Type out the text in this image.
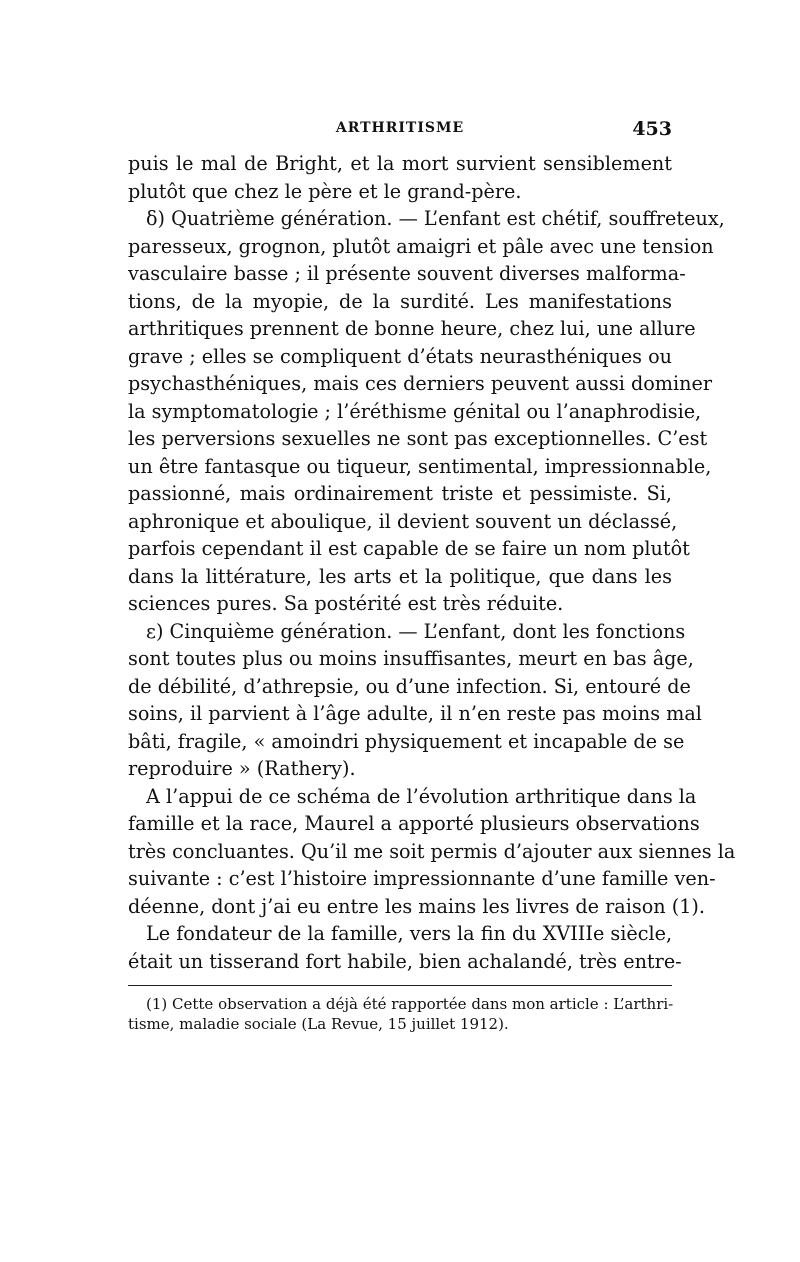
ARTHRITISME	453
puis le mal de Bright, et la mort survient sensiblement
plutôt que chez le père et le grand-père.
δ) Quatrième génération. — L’enfant est chétif, souffreteux,
paresseux, grognon, plutôt amaigri et pâle avec une tension
vasculaire basse ; il présente souvent diverses malforma-
tions, de la myopie, de la surdité. Les manifestations
arthritiques prennent de bonne heure, chez lui, une allure
grave ; elles se compliquent d’états neurasthéniques ou
psychasthéniques, mais ces derniers peuvent aussi dominer
la symptomatologie ; l’éréthisme génital ou l’anaphrodisie,
les perversions sexuelles ne sont pas exceptionnelles. C’est
un être fantasque ou tiqueur, sentimental, impressionnable,
passionné, mais ordinairement triste et pessimiste. Si,
aphronique et aboulique, il devient souvent un déclassé,
parfois cependant il est capable de se faire un nom plutôt
dans la littérature, les arts et la politique, que dans les
sciences pures. Sa postérité est très réduite.
ε) Cinquième génération. — L’enfant, dont les fonctions
sont toutes plus ou moins insuffisantes, meurt en bas âge,
de débilité, d’athrepsie, ou d’une infection. Si, entouré de
soins, il parvient à l’âge adulte, il n’en reste pas moins mal
bâti, fragile, « amoindri physiquement et incapable de se
reproduire » (Rathery).
A l’appui de ce schéma de l’évolution arthritique dans la
famille et la race, Maurel a apporté plusieurs observations
très concluantes. Qu’il me soit permis d’ajouter aux siennes la
suivante : c’est l’histoire impressionnante d’une famille ven-
déenne, dont j’ai eu entre les mains les livres de raison (1).
Le fondateur de la famille, vers la fin du XVIIIe siècle,
était un tisserand fort habile, bien achalandé, très entre-
(1) Cette observation a déjà été rapportée dans mon article : L’arthri-
tisme, maladie sociale (La Revue, 15 juillet 1912).
